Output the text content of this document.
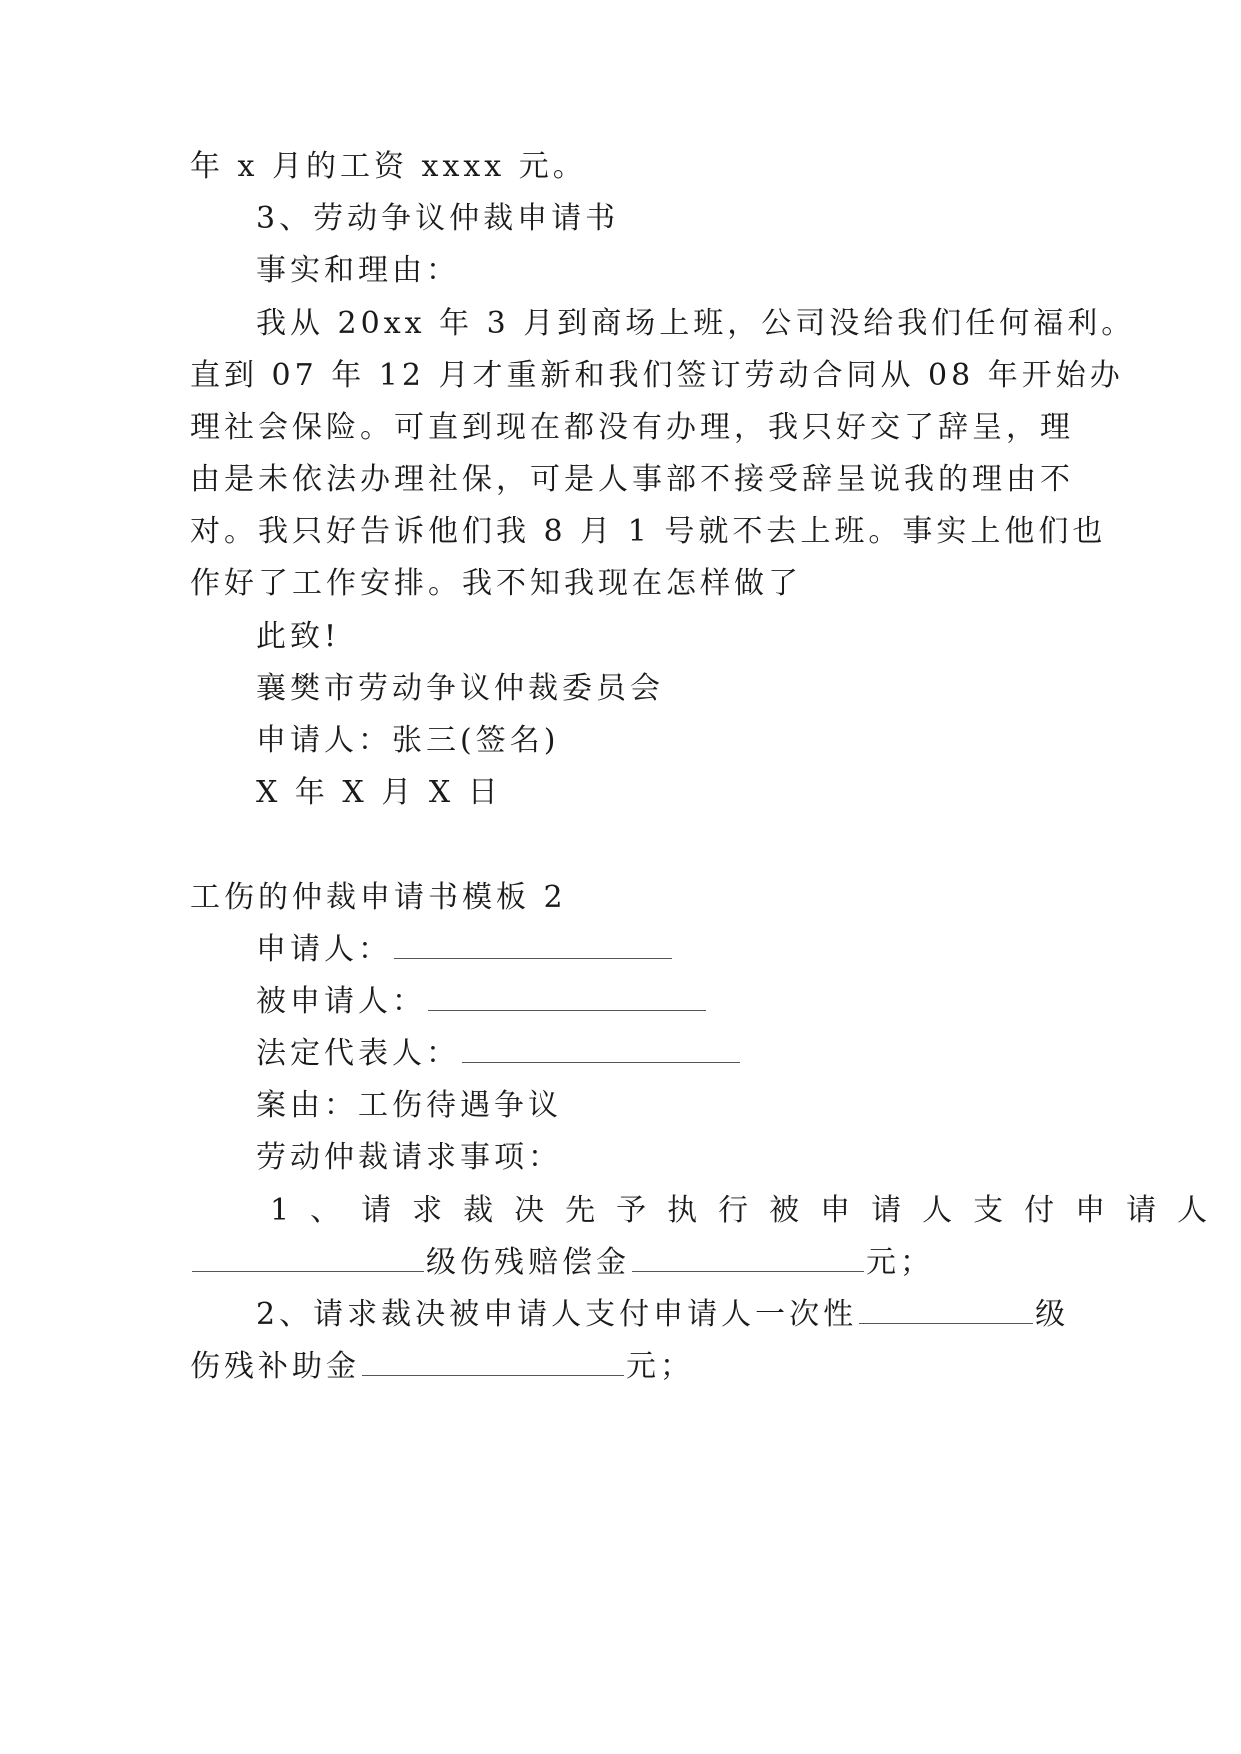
年 x 月的工资 xxxx 元。

3、劳动争议仲裁申请书

事实和理由：

我从 20xx 年 3 月到商场上班，公司没给我们任何福利。

直到 07 年 12 月才重新和我们签订劳动合同从 08 年开始办

理社会保险。可直到现在都没有办理，我只好交了辞呈，理

由是未依法办理社保，可是人事部不接受辞呈说我的理由不

对。我只好告诉他们我 8 月 1 号就不去上班。事实上他们也

作好了工作安排。我不知我现在怎样做了

此致!

襄樊市劳动争议仲裁委员会

申请人：张三(签名)

X 年 X 月 X 日

工伤的仲裁申请书模板 2

申请人：

被申请人：

法定代表人：

案由：工伤待遇争议

劳动仲裁请求事项：

1、请求裁决先予执行被申请人支付申请人

级伤残赔偿金	元；

2、请求裁决被申请人支付申请人一次性	级

伤残补助金	元；
